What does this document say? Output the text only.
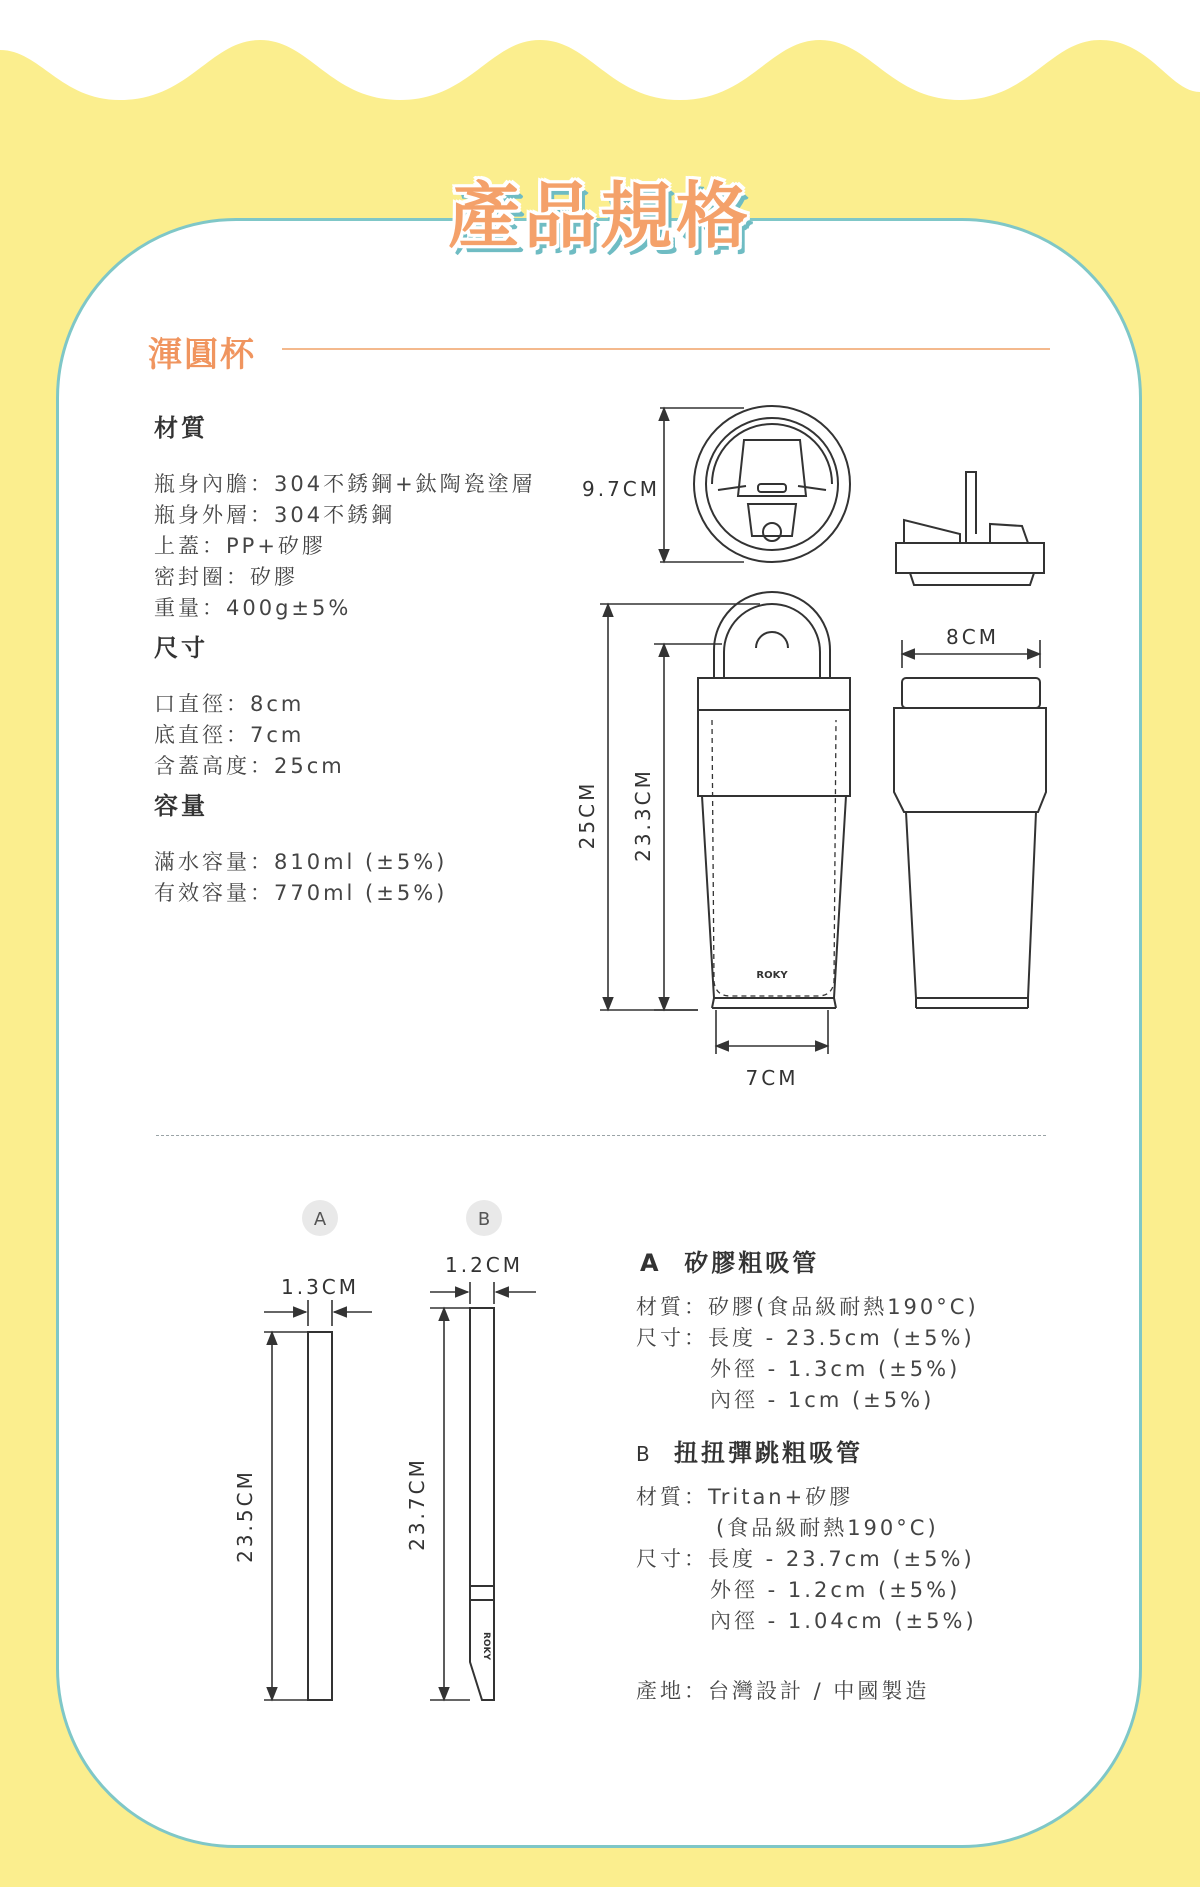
產品規格
渾圓杯
材質
瓶身內膽：304不銹鋼+鈦陶瓷塗層
瓶身外層：304不銹鋼
上蓋：PP+矽膠
密封圈：矽膠
重量：400g±5%
尺寸
口直徑：8cm
底直徑：7cm
含蓋高度：25cm
容量
滿水容量：810ml (±5%)
有效容量：770ml (±5%)
ROKY
9.7CM
8CM
25CM 23.3CM
7CM
A	B
ROKY
1.3CM
1.2CM
23.5CM	23.7CM
A 矽膠粗吸管
材質：矽膠(食品級耐熱190°C)
尺寸：長度 - 23.5cm (±5%)
外徑 - 1.3cm (±5%)
內徑 - 1cm (±5%)
B 扭扭彈跳粗吸管
材質：Tritan+矽膠
(食品級耐熱190°C)
尺寸：長度 - 23.7cm (±5%)
外徑 - 1.2cm (±5%)
內徑 - 1.04cm (±5%)
產地：台灣設計 / 中國製造
